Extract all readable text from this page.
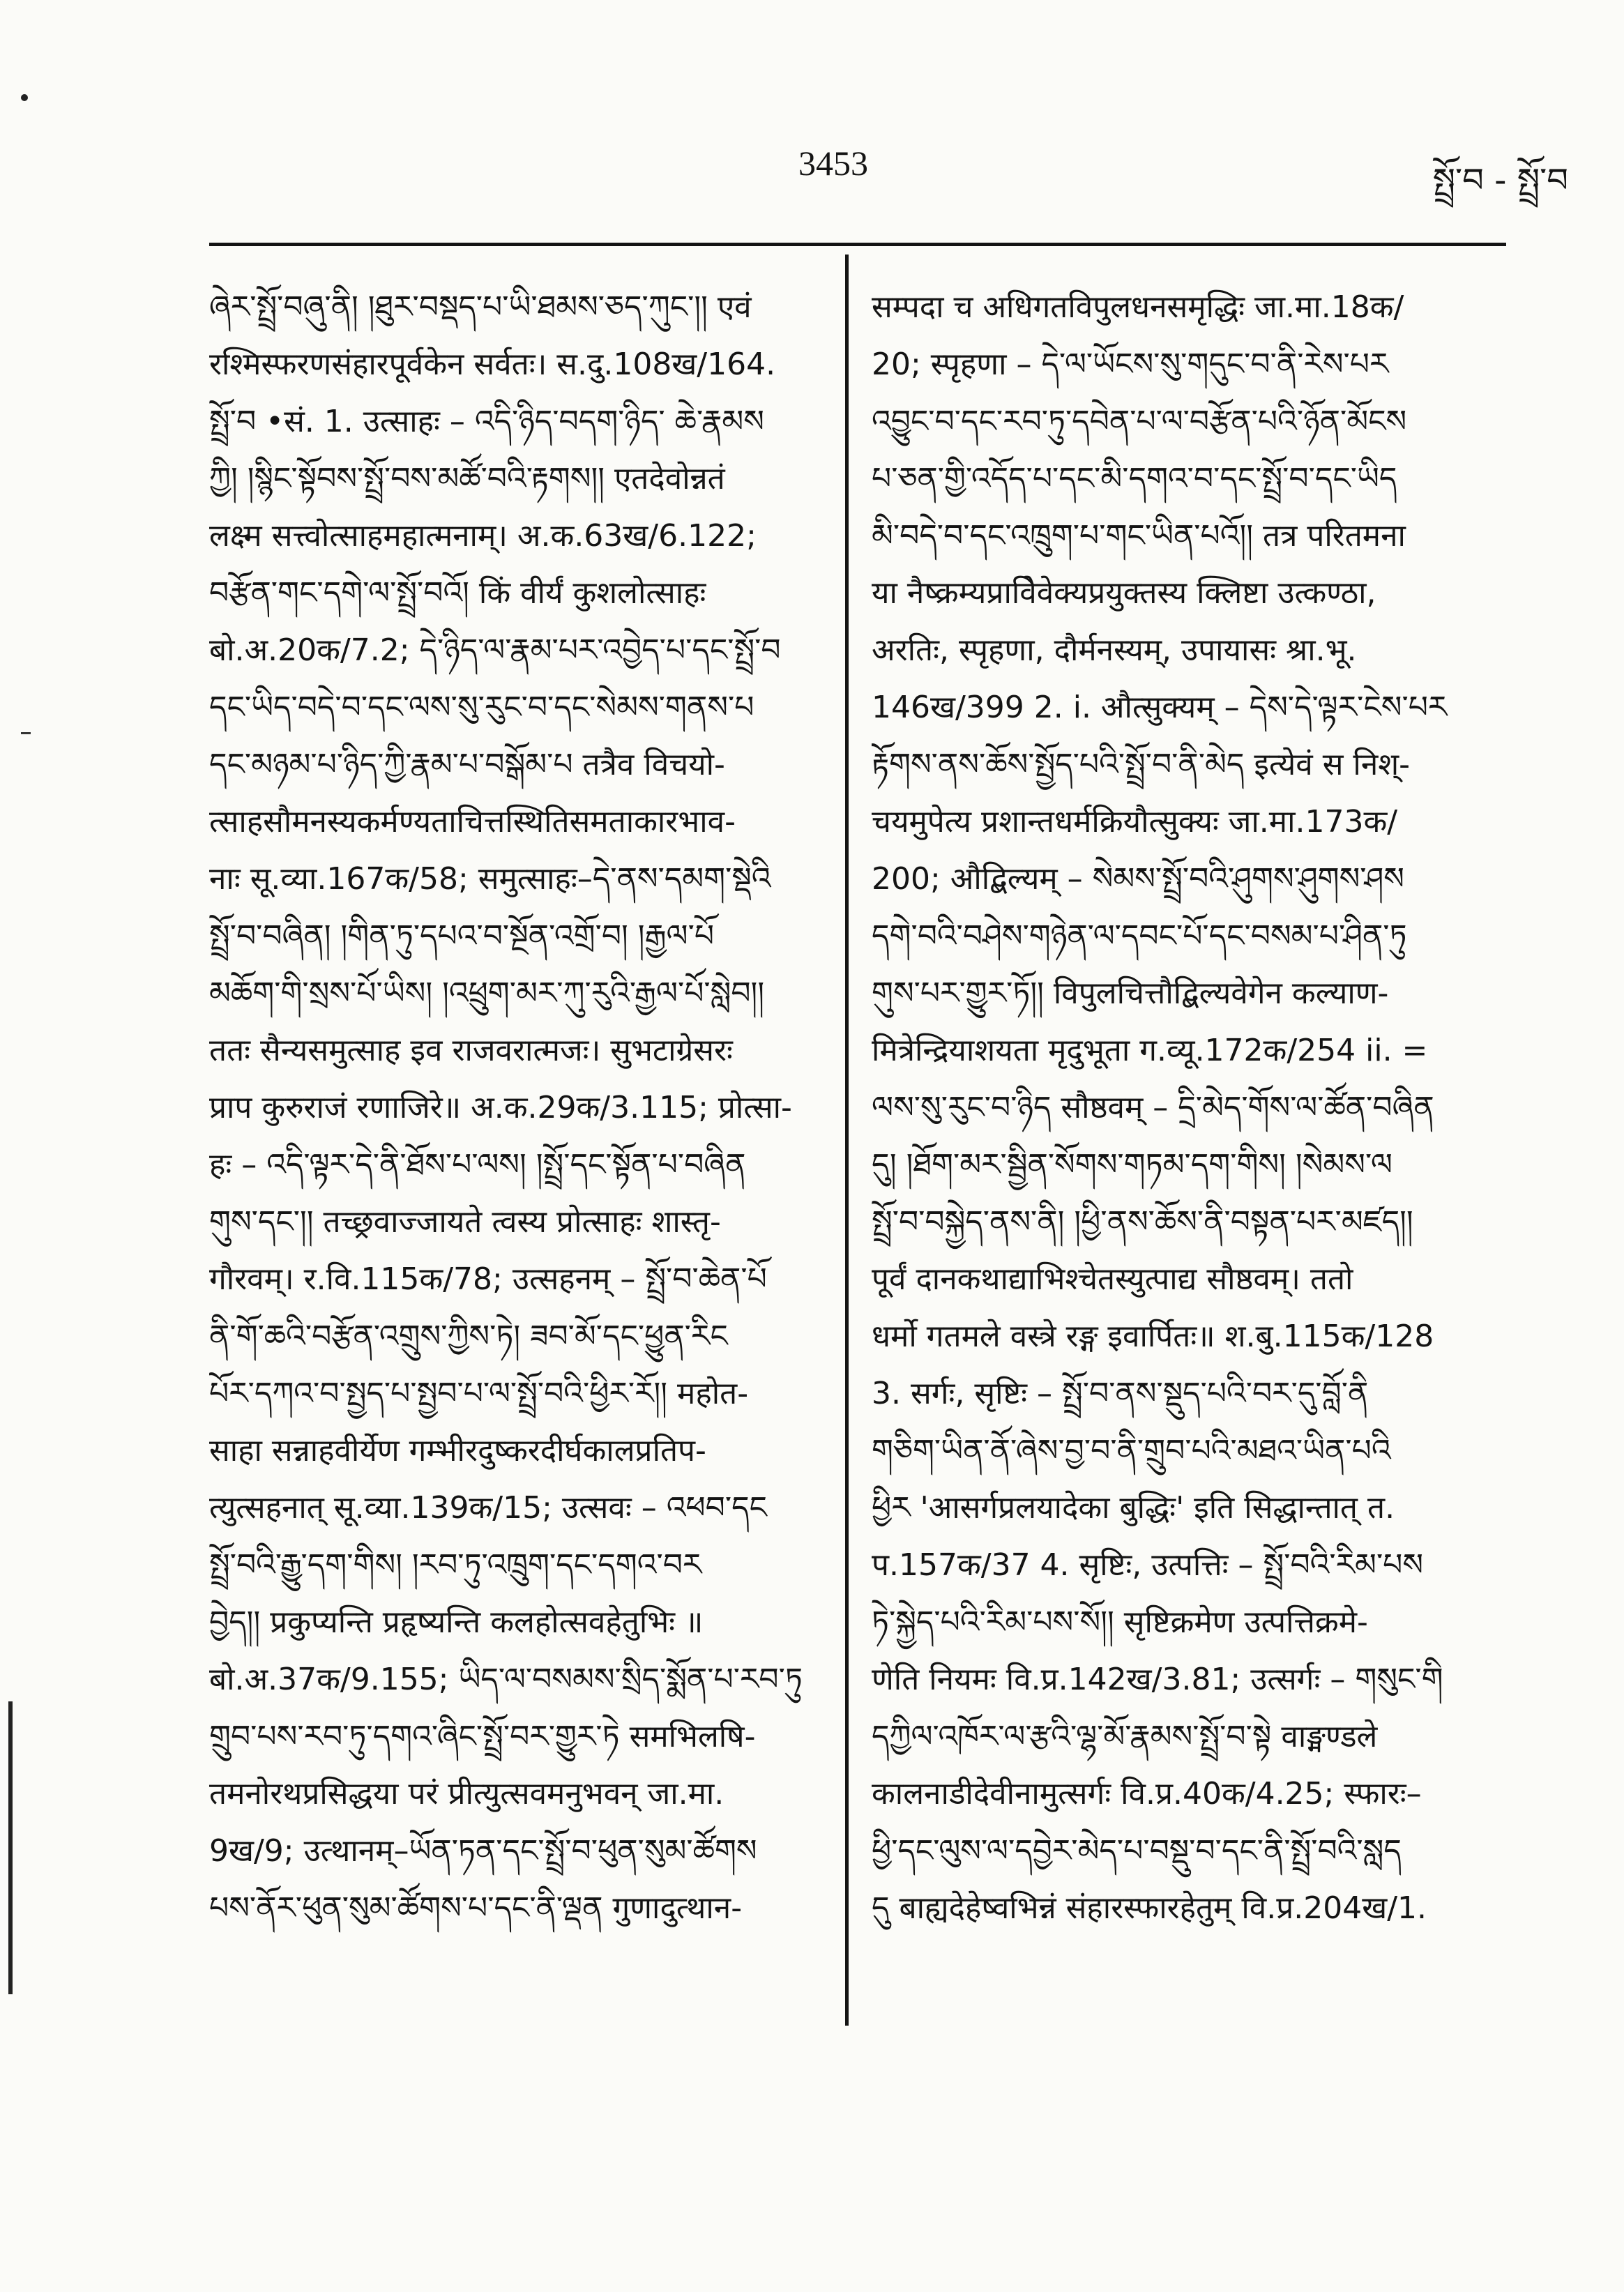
3453	སྤྲོ་བ - སྤྲོ་བ
ཞེར་སྤྲོ་བཞུ་ནི། །ཐུར་བསྡད་པ་ཡི་ཐམས་ཅད་ཀུང་།། एवं
रश्मिस्फरणसंहारपूर्वकेन सर्वतः। स.दु.108ख/164.
སྤྲོ་བ •सं. 1. उत्साहः – འདི་ཉིད་བདག་ཉིད་ ཆེ་རྣམས
ཀྱི། །སྙིང་སྟོབས་སྤྲོ་བས་མཚོ་བའི་རྟགས།། एतदेवोन्नतं
लक्ष्म सत्त्वोत्साहमहात्मनाम्। अ.क.63ख/6.122;
བརྩོན་གང་དགེ་ལ་སྤྲོ་བའོ། किं वीर्यं कुशलोत्साहः
बो.अ.20क/7.2; དེ་ཉིད་ལ་རྣམ་པར་འབྱེད་པ་དང་སྤྲོ་བ
དང་ཡིད་བདེ་བ་དང་ལས་སུ་རུང་བ་དང་སེམས་གནས་པ
དང་མཉམ་པ་ཉིད་ཀྱི་རྣམ་པ་བསྒོམ་པ तत्रैव विचयो-
त्साहसौमनस्यकर्मण्यताचित्तस्थितिसमताकारभाव-
नाः सू.व्या.167क/58; समुत्साहः–དེ་ནས་དམག་སྡེའི
སྤྲོ་བ་བཞིན། །གིན་ཏུ་དཔའ་བ་སྔོན་འགྲོ་བ། །རྒྱལ་པོ
མཆོག་གི་སྲས་པོ་ཡིས། །འཕྲུག་མར་ཀུ་རུའི་རྒྱལ་པོ་སླེབ།།
ततः सैन्यसमुत्साह इव राजवरात्मजः। सुभटाग्रेसरः
प्राप कुरुराजं रणाजिरे॥ अ.क.29क/3.115; प्रोत्सा-
हः – འདི་ལྟར་དེ་ནི་ཐོས་པ་ལས། །སྤྲོ་དང་སྟོན་པ་བཞིན
གུས་དང་།། तच्छ्रवाज्जायते त्वस्य प्रोत्साहः शास्तृ-
गौरवम्। र.वि.115क/78; उत्सहनम् – སྤྲོ་བ་ཆེན་པོ
ནི་གོ་ཆའི་བརྩོན་འགྲུས་ཀྱིས་ཏེ། ཟབ་མོ་དང་ཕྱུན་རིང
པོར་དཀའ་བ་སྤྱད་པ་སྤྱབ་པ་ལ་སྤྲོ་བའི་ཕྱིར་རོ།། महोत-
साहा सन्नाहवीर्येण गम्भीरदुष्करदीर्घकालप्रतिप-
त्युत्सहनात् सू.व्या.139क/15; उत्सवः – འཕབ་དང
སྤྲོ་བའི་རྒྱུ་དག་གིས། །རབ་ཏུ་འཁྲུག་དང་དགའ་བར
བྱེད།། प्रकुप्यन्ति प्रहृष्यन्ति कलहोत्सवहेतुभिः ॥
बो.अ.37क/9.155; ཡིད་ལ་བསམས་སྲིད་སྨོན་པ་རབ་ཏུ
གྲུབ་པས་རབ་ཏུ་དགའ་ཞིང་སྤྲོ་བར་གྱུར་ཏེ समभिलषि-
तमनोरथप्रसिद्धया परं प्रीत्युत्सवमनुभवन् जा.मा.
9ख/9; उत्थानम्–ཡོན་ཏན་དང་སྤྲོ་བ་ཕུན་སུམ་ཚོགས
པས་ནོར་ཕུན་སུམ་ཚོགས་པ་དང་ནི་ལྡན गुणादुत्थान-
सम्पदा च अधिगतविपुलधनसमृद्धिः जा.मा.18क/
20; स्पृहणा – དེ་ལ་ཡོངས་སུ་གདུང་བ་ནི་རེས་པར
འབྱུང་བ་དང་རབ་ཏུ་དབེན་པ་ལ་བརྩོན་པའི་ཉོན་མོངས
པ་ཅན་གྱི་འདོད་པ་དང་མི་དགའ་བ་དང་སྤྲོ་བ་དང་ཡིད
མི་བདེ་བ་དང་འཁྲུག་པ་གང་ཡིན་པའོ།། तत्र परितमना
या नैष्क्रम्यप्रावेिवेक्यप्रयुक्तस्य क्लिष्टा उत्कण्ठा,
अरतिः, स्पृहणा, दौर्मनस्यम्, उपायासः श्रा.भू.
146ख/399 2. i. औत्सुक्यम् – དེས་དེ་ལྟར་ངེས་པར
རྟོགས་ནས་ཆོས་སྤྱོད་པའི་སྤྲོ་བ་ནི་མེད इत्येवं स निश्-
चयमुपेत्य प्रशान्तधर्मक्रियौत्सुक्यः जा.मा.173क/
200; औद्बिल्यम् – སེམས་སྤྲོ་བའི་ཤུགས་ཤུགས་ཤས
དགེ་བའི་བཤེས་གཉེན་ལ་དབང་པོ་དང་བསམ་པ་ཤིན་ཏུ
གུས་པར་གྱུར་ཏོ།། विपुलचित्तौद्बिल्यवेगेन कल्याण-
मित्रेन्द्रियाशयता मृदुभूता ग.व्यू.172क/254 ii. =
ལས་སུ་རུང་བ་ཉིད सौष्ठवम् – དྲི་མེད་གོས་ལ་ཚོན་བཞིན
དུ། །ཐོག་མར་སྦྱིན་སོགས་གཏམ་དག་གིས། །སེམས་ལ
སྤྲོ་བ་བསྐྱེད་ནས་ནི། །ཕྱི་ནས་ཆོས་ནི་བསྟན་པར་མཛད།།
पूर्वं दानकथाद्याभिश्चेतस्युत्पाद्य सौष्ठवम्। ततो
धर्मो गतमले वस्त्रे रङ्ग इवार्पितः॥ श.बु.115क/128
3. सर्गः, सृष्टिः – སྤྲོ་བ་ནས་སྡུད་པའི་བར་དུ་བློ་ནི
གཅིག་ཡིན་ནོ་ཞེས་བྱ་བ་ནི་གྲུབ་པའི་མཐའ་ཡིན་པའི
ཕྱིར 'आसर्गप्रलयादेका बुद्धिः' इति सिद्धान्तात् त.
प.157क/37 4. सृष्टिः, उत्पत्तिः – སྤྲོ་བའི་རིམ་པས
ཏེ་སྐྱེད་པའི་རིམ་པས་སོ།། सृष्टिक्रमेण उत्पत्तिक्रमे-
णेति नियमः वि.प्र.142ख/3.81; उत्सर्गः – གསུང་གི
དཀྱིལ་འཁོར་ལ་རྩའི་ལྷ་མོ་རྣམས་སྤྲོ་བ་སྟེ वाङ्मण्डले
कालनाडीदेवीनामुत्सर्गः वि.प्र.40क/4.25; स्फारः–
ཕྱི་དང་ལུས་ལ་དབྱེར་མེད་པ་བསྡུ་བ་དང་ནི་སྤྲོ་བའི་སླད
དུ बाह्यदेहेष्वभिन्नं संहारस्फारहेतुम् वि.प्र.204ख/1.
